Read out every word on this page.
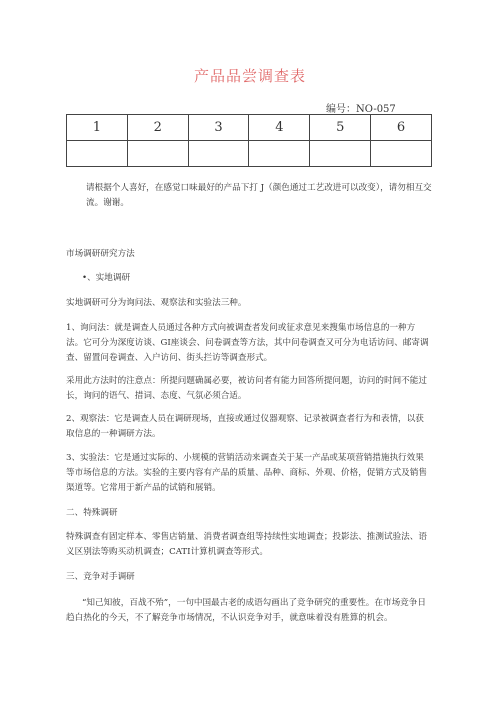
产品品尝调查表
编号：NO-057
1	2	3	4	5	6

请根据个人喜好，在感觉口味最好的产品下打 J（颜色通过工艺改进可以改变），请勿相互交流。谢谢。
市场调研研究方法
•、实地调研
实地调研可分为询问法、观察法和实验法三种。
1、询问法：就是调查人员通过各种方式向被调查者发问或征求意见来搜集市场信息的一种方法。它可分为深度访谈、GI座谈会、问卷调查等方法，其中问卷调查又可分为电话访问、邮寄调查、留置问卷调查、入户访问、街头拦访等调查形式。
采用此方法时的注意点：所提问题确属必要，被访问者有能力回答所提问题，访问的时间不能过长，询问的语气、措词、态度、气氛必须合适。
2、观察法：它是调查人员在调研现场，直接或通过仪器观察、记录被调查者行为和表情，以获取信息的一种调研方法。
3、实验法：它是通过实际的、小规模的营销活动来调查关于某一产品或某项营销措施执行效果等市场信息的方法。实验的主要内容有产品的质量、品种、商标、外观、价格，促销方式及销售渠道等。它常用于新产品的试销和展销。
二、特殊调研
特殊调查有固定样本、零售店销量、消费者调查组等持续性实地调查；投影法、推测试验法、语义区别法等购买动机调查；CATI计算机调查等形式。
三、竞争对手调研
“知己知彼，百战不殆”，一句中国最古老的成语勾画出了竞争研究的重要性。在市场竞争日趋白热化的今天，不了解竞争市场情况，不认识竞争对手，就意味着没有胜算的机会。
